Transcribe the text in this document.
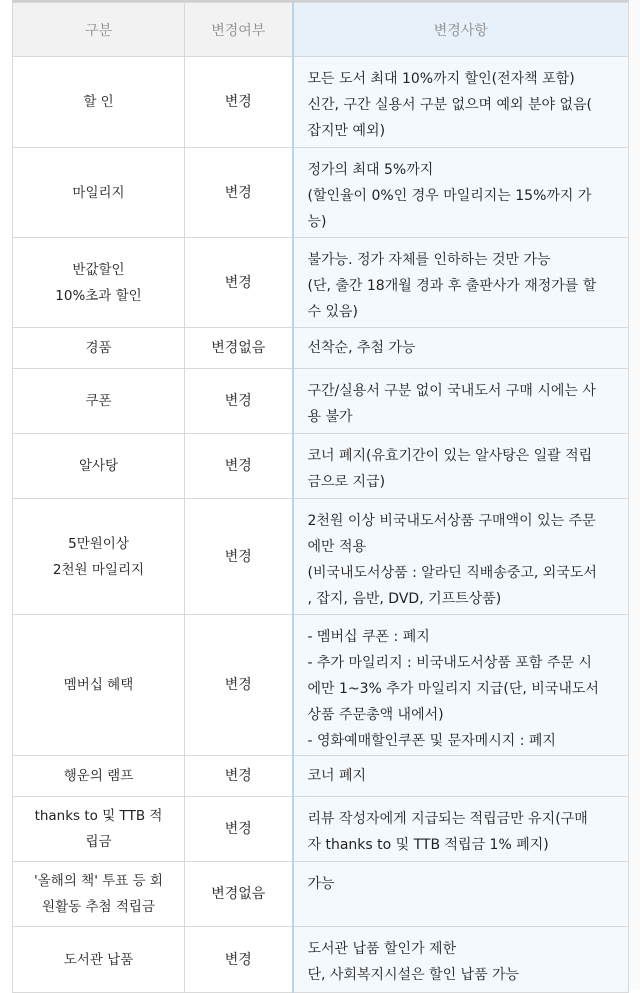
구분	변경여부	변경사항
할 인	변경	모든 도서 최대 10%까지 할인(전자책 포함)
신간, 구간 실용서 구분 없으며 예외 분야 없음(
잡지만 예외)

마일리지	변경	정가의 최대 5%까지
(할인율이 0%인 경우 마일리지는 15%까지 가
능)

반값할인
10%초과 할인	변경	불가능. 정가 자체를 인하하는 것만 가능
(단, 출간 18개월 경과 후 출판사가 재정가를 할
수 있음)

경품	변경없음	선착순, 추첨 가능

쿠폰	변경	구간/실용서 구분 없이 국내도서 구매 시에는 사
용 불가

알사탕	변경	코너 폐지(유효기간이 있는 알사탕은 일괄 적립
금으로 지급)

5만원이상
2천원 마일리지	변경	2천원 이상 비국내도서상품 구매액이 있는 주문
에만 적용
(비국내도서상품 : 알라딘 직배송중고, 외국도서
, 잡지, 음반, DVD, 기프트상품)

멤버십 혜택	변경	- 멤버십 쿠폰 : 폐지
- 추가 마일리지 : 비국내도서상품 포함 주문 시
에만 1~3% 추가 마일리지 지급(단, 비국내도서
상품 주문총액 내에서)
- 영화예매할인쿠폰 및 문자메시지 : 폐지

행운의 램프	변경	코너 폐지

thanks to 및 TTB 적
립금	변경	리뷰 작성자에게 지급되는 적립금만 유지(구매
자 thanks to 및 TTB 적립금 1% 폐지)

'올해의 책' 투표 등 회
원활동 추첨 적립금	변경없음	가능

도서관 납품	변경	도서관 납품 할인가 제한
단, 사회복지시설은 할인 납품 가능
